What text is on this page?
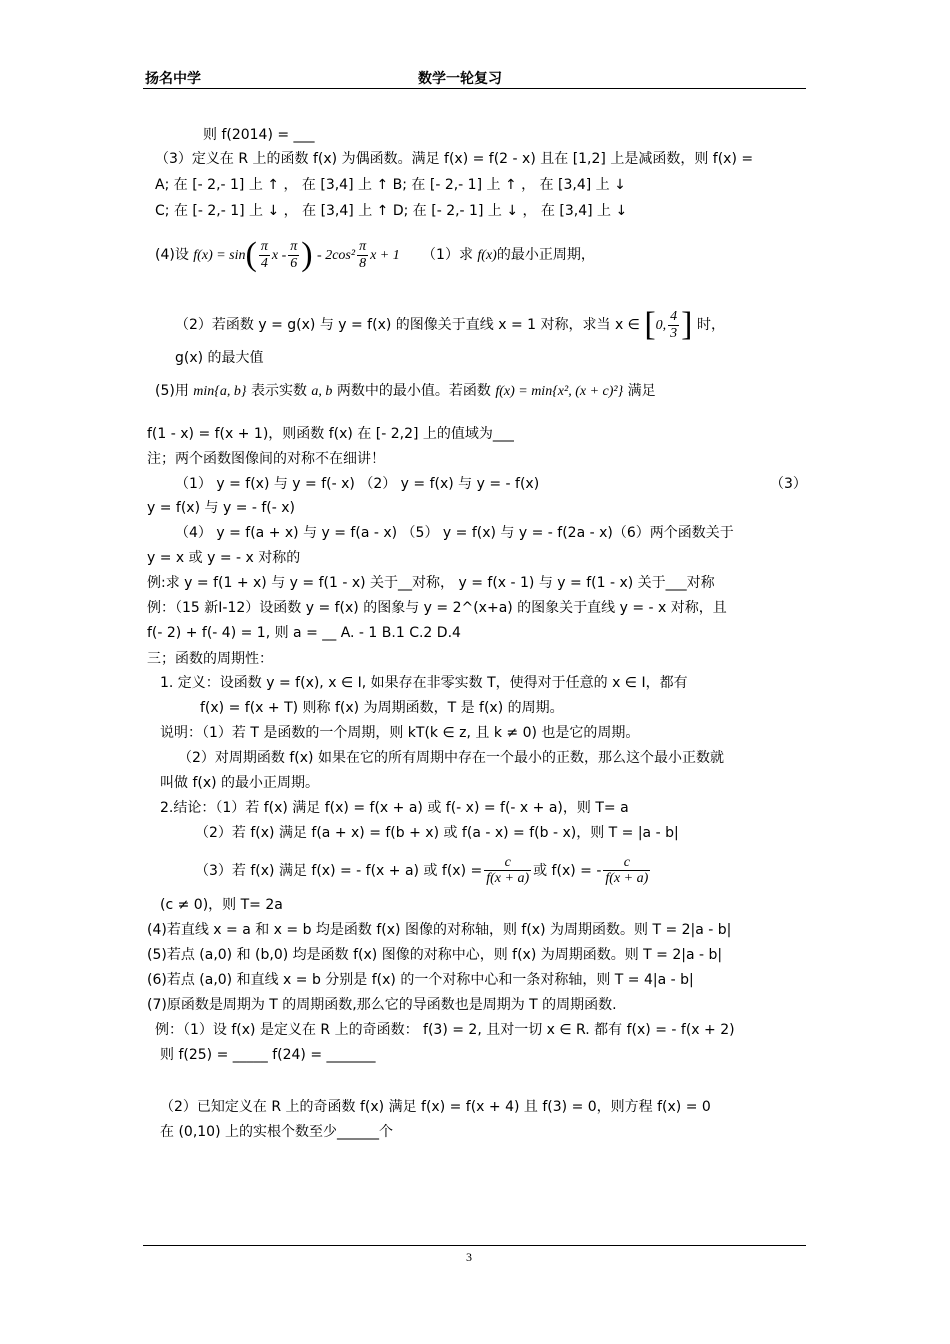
扬名中学	数学一轮复习
则 f(2014) = ___
（3）定义在 R 上的函数 f(x) 为偶函数。满足 f(x) = f(2 - x) 且在 [1,2] 上是减函数，则 f(x) =
A; 在 [- 2,- 1] 上 ↑ ， 在 [3,4] 上 ↑ B; 在 [- 2,- 1] 上 ↑ ， 在 [3,4] 上 ↓
C; 在 [- 2,- 1] 上 ↓ ， 在 [3,4] 上 ↑ D; 在 [- 2,- 1] 上 ↓ ， 在 [3,4] 上 ↓
(4)设 $f(x) = \sin( \frac{\pi}{4}$ x - $\frac{\pi}{6}$ ) - $2\cos^2 \frac{\pi}{8}$ x + 1 （1）求 f(x)的最小正周期，
（2）若函数 y = g(x) 与 y = f(x) 的图像关于直线 x = 1 对称，求当 x ∈ [0, $\frac{4}{3}$ ] 时，
g(x) 的最大值
(5)用 min{a, b} 表示实数 a, b 两数中的最小值。若函数 f(x) = min{x², (x + c)²} 满足
f(1 - x) = f(x + 1)，则函数 f(x) 在 [- 2,2] 上的值域为___
注；两个函数图像间的对称不在细讲！
（1） y = f(x) 与 y = f(- x) （2） y = f(x) 与 y = - f(x)	（3）
y = f(x) 与 y = - f(- x)
（4） y = f(a + x) 与 y = f(a - x) （5） y = f(x) 与 y = - f(2a - x)（6）两个函数关于
y = x 或 y = - x 对称的
例:求 y = f(1 + x) 与 y = f(1 - x) 关于__对称， y = f(x - 1) 与 y = f(1 - x) 关于___对称
例：（15 新I-12）设函数 y = f(x) 的图象与 y = 2^(x+a) 的图象关于直线 y = - x 对称，且
f(- 2) + f(- 4) = 1, 则 a = __ A. - 1 B.1 C.2 D.4
三；函数的周期性：
1. 定义：设函数 y = f(x), x ∈ I, 如果存在非零实数 T，使得对于任意的 x ∈ I，都有
f(x) = f(x + T) 则称 f(x) 为周期函数，T 是 f(x) 的周期。
说明：（1）若 T 是函数的一个周期，则 kT(k ∈ z, 且 k ≠ 0) 也是它的周期。
（2）对周期函数 f(x) 如果在它的所有周期中存在一个最小的正数，那么这个最小正数就
叫做 f(x) 的最小正周期。
2.结论：（1）若 f(x) 满足 f(x) = f(x + a) 或 f(- x) = f(- x + a)，则 T= a
（2）若 f(x) 满足 f(a + x) = f(b + x) 或 f(a - x) = f(b - x)，则 T = |a - b|
（3）若 f(x) 满足 f(x) = - f(x + a) 或 $f(x) = \frac{c}{f(x + a)}$ 或 f(x) = - $\frac{c}{f(x + a)}$
(c ≠ 0)，则 T= 2a
(4)若直线 x = a 和 x = b 均是函数 f(x) 图像的对称轴，则 f(x) 为周期函数。则 T = 2|a - b|
(5)若点 (a,0) 和 (b,0) 均是函数 f(x) 图像的对称中心，则 f(x) 为周期函数。则 T = 2|a - b|
(6)若点 (a,0) 和直线 x = b 分别是 f(x) 的一个对称中心和一条对称轴，则 T = 4|a - b|
(7)原函数是周期为 T 的周期函数,那么它的导函数也是周期为 T 的周期函数.
例：（1）设 f(x) 是定义在 R 上的奇函数： f(3) = 2, 且对一切 x ∈ R. 都有 f(x) = - f(x + 2)
则 f(25) = _____ f(24) = _______
（2）已知定义在 R 上的奇函数 f(x) 满足 f(x) = f(x + 4) 且 f(3) = 0，则方程 f(x) = 0
在 (0,10) 上的实根个数至少______个
3
